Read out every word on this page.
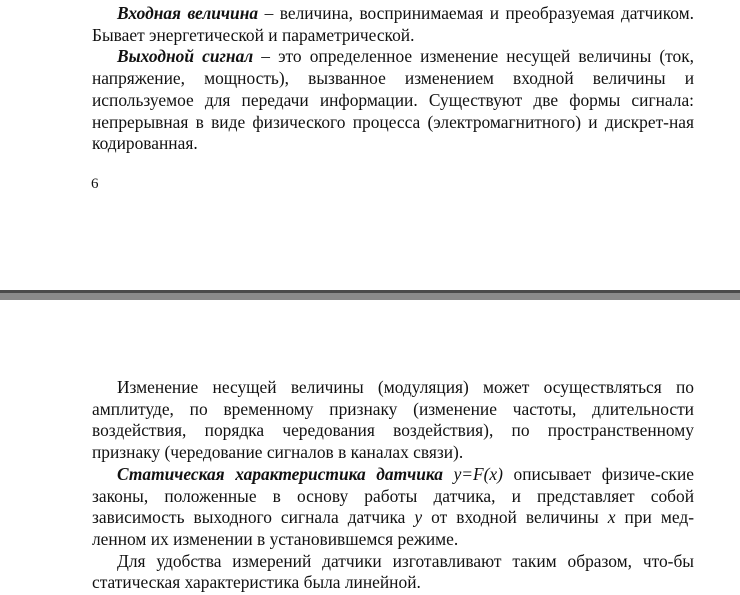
Входная величина – величина, воспринимаемая и преобразуемая датчиком. Бывает энергетической и параметрической.

Выходной сигнал – это определенное изменение несущей величины (ток, напряжение, мощность), вызванное изменением входной величины и используемое для передачи информации. Существуют две формы сигнала: непрерывная в виде физического процесса (электромагнитного) и дискрет-ная кодированная.

6

Изменение несущей величины (модуляция) может осуществляться по амплитуде, по временному признаку (изменение частоты, длительности воздействия, порядка чередования воздействия), по пространственному признаку (чередование сигналов в каналах связи).

Статическая характеристика датчика y=F(x) описывает физиче-ские законы, положенные в основу работы датчика, и представляет собой зависимость выходного сигнала датчика у от входной величины х при мед-ленном их изменении в установившемся режиме.

Для удобства измерений датчики изготавливают таким образом, что-бы статическая характеристика была линейной.
